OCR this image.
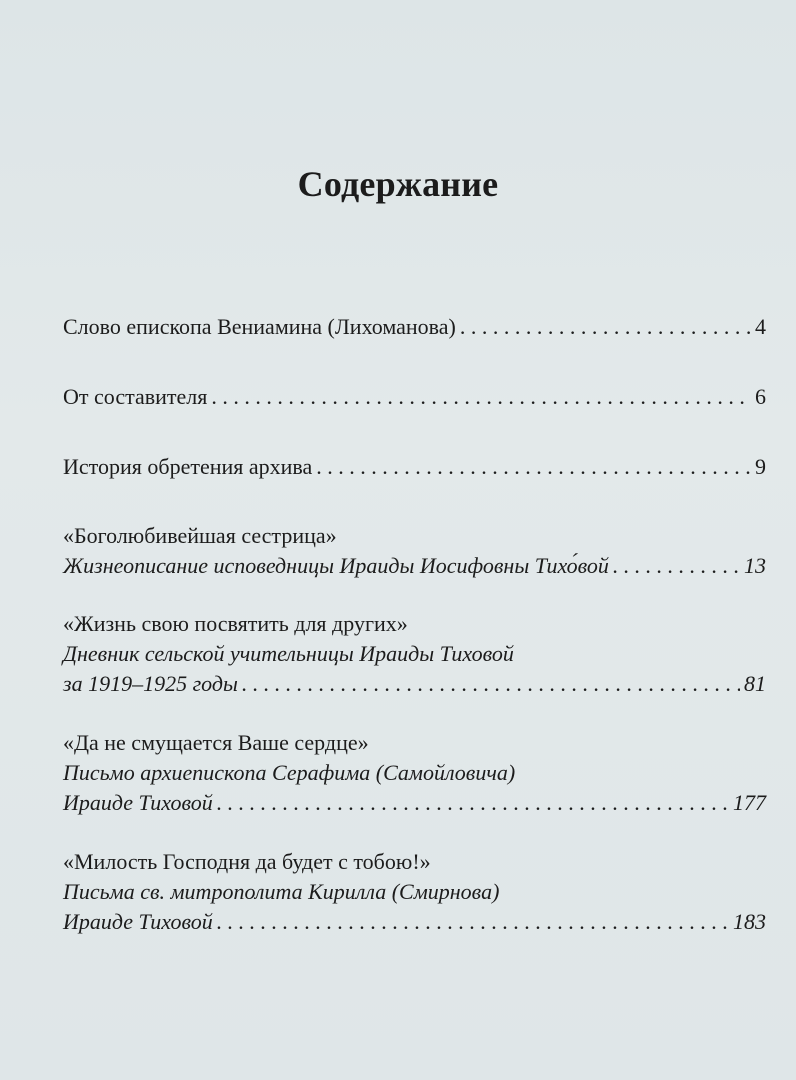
Содержание
Слово епископа Вениамина (Лихоманова) . . .	4
От составителя . . .	6
История обретения архива . . .	9
«Боголюбивейшая сестрица»
Жизнеописание исповедницы Ираиды Иосифовны Тихо́вой . . .	13
«Жизнь свою посвятить для других»
Дневник сельской учительницы Ираиды Тиховой
за 1919–1925 годы . . .	81
«Да не смущается Ваше сердце»
Письмо архиепископа Серафима (Самойловича)
Ираиде Тиховой . . .	177
«Милость Господня да будет с тобою!»
Письма св. митрополита Кирилла (Смирнова)
Ираиде Тиховой . . .	183
